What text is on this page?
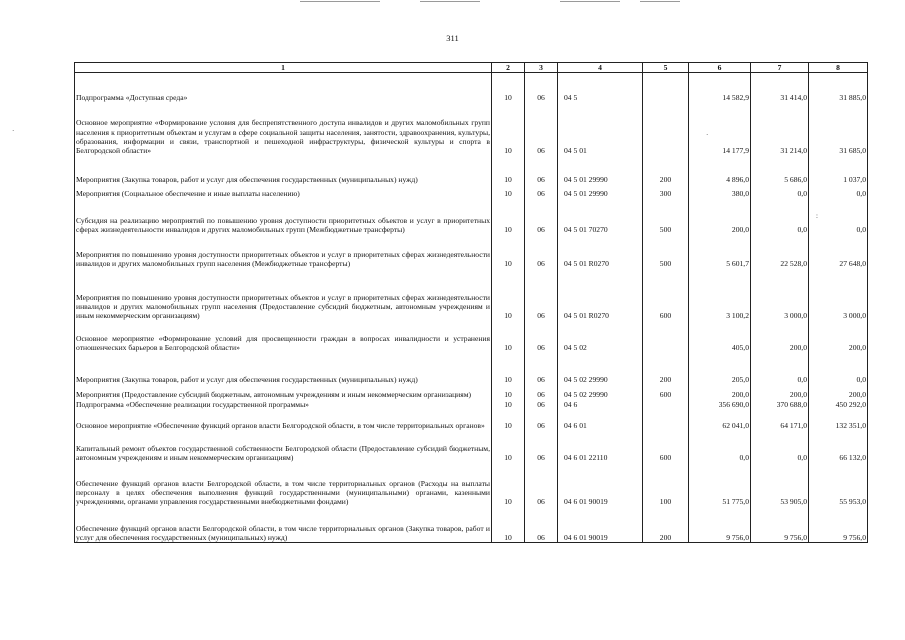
311
1	2	3	4	5	6	7	8
Подпрограмма «Доступная среда»	10	06	04 5		14 582,9	31 414,0	31 885,0
Основное мероприятие «Формирование условия для беспрепятственного доступа инвалидов и других маломобильных групп населения к приоритетным объектам и услугам в сфере социальной защиты населения, занятости, здравоохранения, культуры, образования, информации и связи, транспортной и пешеходной инфраструктуры, физической культуры и спорта в Белгородской области»	10	06	04 5 01		14 177,9	31 214,0	31 685,0
Мероприятия (Закупка товаров, работ и услуг для обеспечения государственных (муниципальных) нужд)	10	06	04 5 01 29990	200	4 896,0	5 686,0	1 037,0
Мероприятия (Социальное обеспечение и иные выплаты населению)	10	06	04 5 01 29990	300	380,0	0,0	0,0
Субсидия на реализацию мероприятий по повышению уровня доступности приоритетных объектов и услуг в приоритетных сферах жизнедеятельности инвалидов и других маломобильных групп (Межбюджетные трансферты)	10	06	04 5 01 70270	500	200,0	0,0	0,0
Мероприятия по повышению уровня доступности приоритетных объектов и услуг в приоритетных сферах жизнедеятельности инвалидов и других маломобильных групп населения (Межбюджетные трансферты)	10	06	04 5 01 R0270	500	5 601,7	22 528,0	27 648,0
Мероприятия по повышению уровня доступности приоритетных объектов и услуг в приоритетных сферах жизнедеятельности инвалидов и других маломобильных групп населения (Предоставление субсидий бюджетным, автономным учреждениям и иным некоммерческим организациям)	10	06	04 5 01 R0270	600	3 100,2	3 000,0	3 000,0
Основное мероприятие «Формирование условий для просвещенности граждан в вопросах инвалидности и устранения отношенческих барьеров в Белгородской области»	10	06	04 5 02		405,0	200,0	200,0
Мероприятия (Закупка товаров, работ и услуг для обеспечения государственных (муниципальных) нужд)	10	06	04 5 02 29990	200	205,0	0,0	0,0
Мероприятия (Предоставление субсидий бюджетным, автономным учреждениям и иным некоммерческим организациям)	10	06	04 5 02 29990	600	200,0	200,0	200,0
Подпрограмма «Обеспечение реализации государственной программы»	10	06	04 6		356 690,0	370 688,0	450 292,0
Основное мероприятие «Обеспечение функций органов власти Белгородской области, в том числе территориальных органов»	10	06	04 6 01		62 041,0	64 171,0	132 351,0
Капитальный ремонт объектов государственной собственности Белгородской области (Предоставление субсидий бюджетным, автономным учреждениям и иным некоммерческим организациям)	10	06	04 6 01 22110	600	0,0	0,0	66 132,0
Обеспечение функций органов власти Белгородской области, в том числе территориальных органов (Расходы на выплаты персоналу в целях обеспечения выполнения функций государственными (муниципальными) органами, казенными учреждениями, органами управления государственными внебюджетными фондами)	10	06	04 6 01 90019	100	51 775,0	53 905,0	55 953,0
Обеспечение функций органов власти Белгородской области, в том числе территориальных органов (Закупка товаров, работ и услуг для обеспечения государственных (муниципальных) нужд)	10	06	04 6 01 90019	200	9 756,0	9 756,0	9 756,0
·	·
:
